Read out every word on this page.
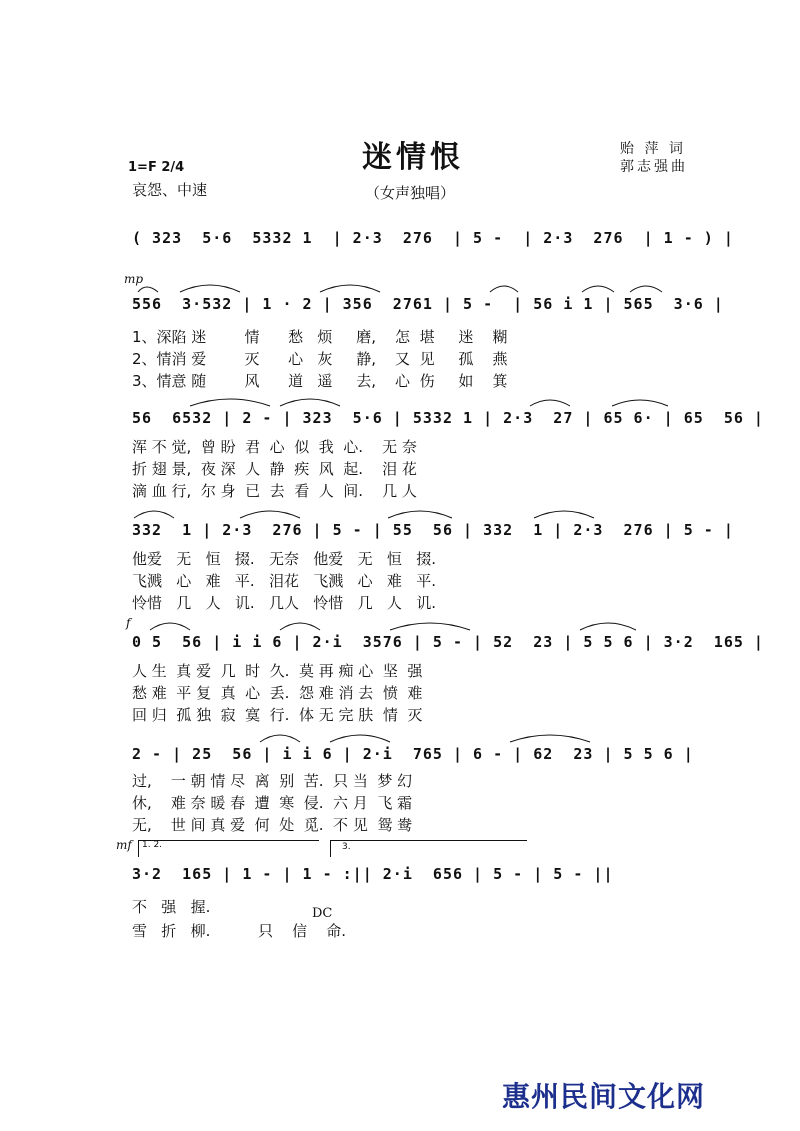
迷情恨	贻 萍 词
郭志强曲
1=F 2/4
哀怨、中速	（女声独唱）
( 323  5·6  5332 1  | 2·3  276  | 5 -  | 2·3  276  | 1 - ) |
mp
556  3·532 | 1 · 2 | 356  2761 | 5 -  | 56 i 1 | 565  3·6 |
1、深陷 迷        情      愁   烦     磨,    怎  堪     迷    糊
2、情消 爱        灭      心   灰     静,    又  见     孤    燕
3、情意 随        风      道   遥     去,    心  伤     如    箕
56  6532 | 2 - | 323  5·6 | 5332 1 | 2·3  27 | 65 6· | 65  56 |
浑 不 觉,  曾 盼  君  心  似  我  心.    无 奈
折 翅 景,  夜 深  人  静  疾  风  起.    泪 花
滴 血 行,  尔 身  已  去  看  人  间.    几 人
332  1 | 2·3  276 | 5 - | 55  56 | 332  1 | 2·3  276 | 5 - |
他爱   无   恒   掇.   无奈   他爱   无   恒   掇.
飞溅   心   难   平.   泪花   飞溅   心   难   平.
怜惜   几   人   讥.   几人   怜惜   几   人   讥.
f
0 5  56 | i i 6 | 2·i  3576 | 5 - | 52  23 | 5 5 6 | 3·2  165 |
人 生  真 爱  几  时  久.  莫 再 痴 心  坚  强
愁 难  平 复  真  心  丢.  怨 难 消 去  愤  难
回 归  孤 独  寂  寞  行.  体 无 完 肤  情  灭
2 - | 25  56 | i i 6 | 2·i  765 | 6 - | 62  23 | 5 5 6 |
过,    一 朝 情 尽  离  别  苦.  只 当  梦 幻
休,    难 奈 暖 春  遭  寒  侵.  六 月  飞 霜
无,    世 间 真 爱  何  处  觅.  不 见  鸳 鸯
mf 1. 2.	3.
3·2  165 | 1 - | 1 - :|| 2·i  656 | 5 - | 5 - ||
不   强   握.	DC
雪   折   柳.          只    信    命.
惠州民间文化网
